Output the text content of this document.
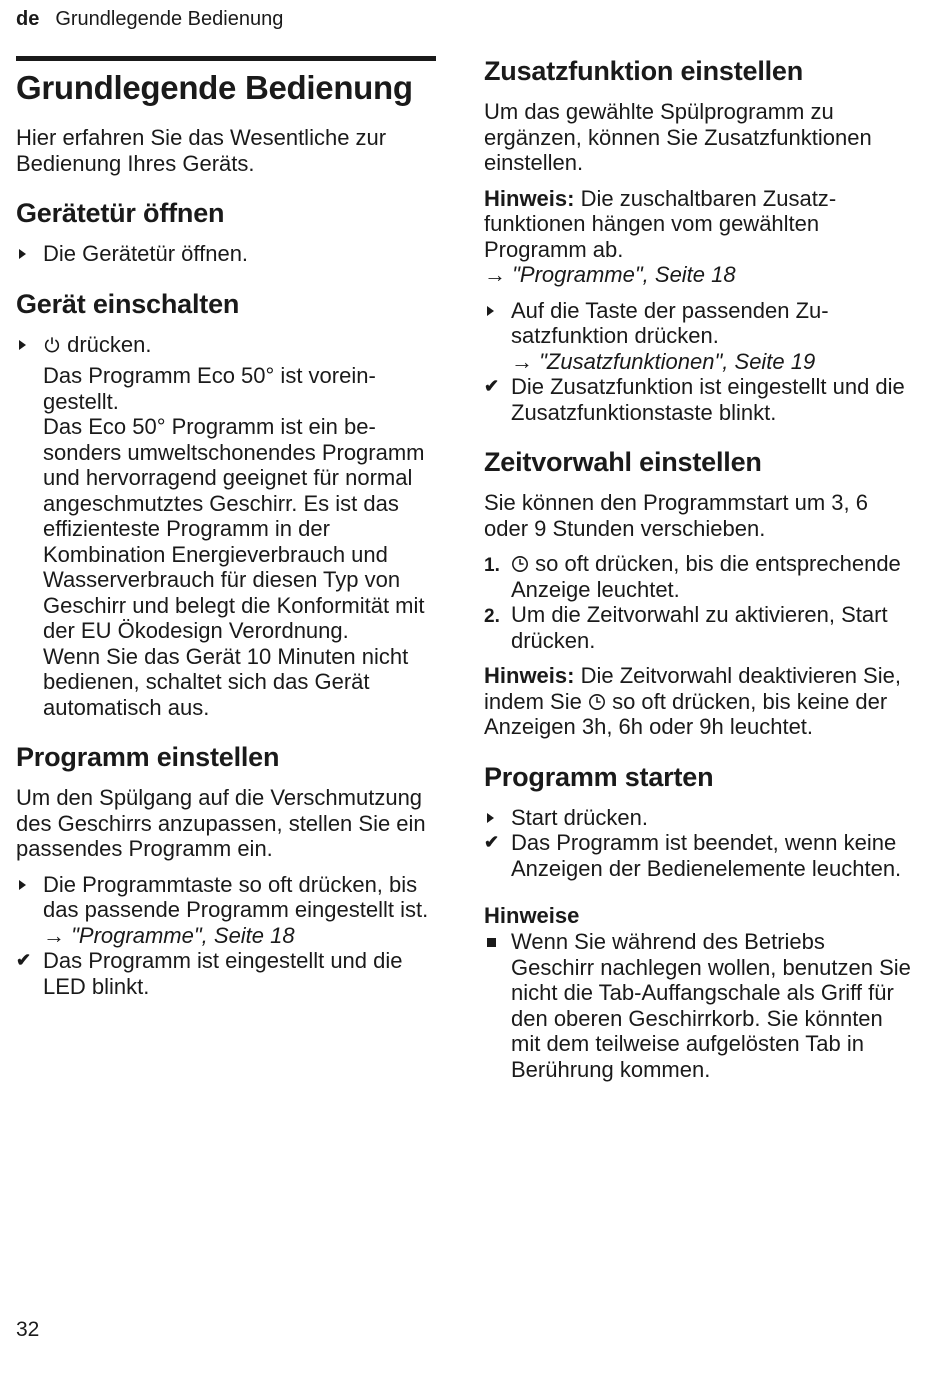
de Grundlegende Bedienung
Grundlegende Bedienung

Hier erfahren Sie das Wesentliche zur Bedienung Ihres Geräts.

Gerätetür öffnen
Die Gerätetür öffnen.
Gerät einschalten
drücken.

Das Programm Eco 50° ist voreingestellt.

Das Eco 50° Programm ist ein besonders umweltschonendes Programm und hervorragend geeignet für normal angeschmutztes Geschirr. Es ist das effizienteste Programm in der Kombination Energieverbrauch und Wasserverbrauch für diesen Typ von Geschirr und belegt die Konformität mit der EU Ökodesign Verordnung.

Wenn Sie das Gerät 10 Minuten nicht bedienen, schaltet sich das Gerät automatisch aus.

Programm einstellen

Um den Spülgang auf die Verschmutzung des Geschirrs anzupassen, stellen Sie ein passendes Programm ein.

Die Programmtaste so oft drücken, bis das passende Programm eingestellt ist.
→ "Programme", Seite 18
✔ Das Programm ist eingestellt und die LED blinkt.
Zusatzfunktion einstellen

Um das gewählte Spülprogramm zu ergänzen, können Sie Zusatzfunktionen einstellen.

Hinweis: Die zuschaltbaren Zusatzfunktionen hängen vom gewählten Programm ab.

→ "Programme", Seite 18

Auf die Taste der passenden Zusatzfunktion drücken.
→ "Zusatzfunktionen", Seite 19
✔ Die Zusatzfunktion ist eingestellt und die Zusatzfunktionstaste blinkt.
Zeitvorwahl einstellen

Sie können den Programmstart um 3, 6 oder 9 Stunden verschieben.

1.	so oft drücken, bis die entsprechende Anzeige leuchtet.
2. Um die Zeitvorwahl zu aktivieren, Start drücken.

Hinweis: Die Zeitvorwahl deaktivieren Sie, indem Sie  so oft drücken, bis keine der Anzeigen 3h, 6h oder 9h leuchtet.

Programm starten
Start drücken.
✔ Das Programm ist beendet, wenn keine Anzeigen der Bedienelemente leuchten.
Hinweise
Wenn Sie während des Betriebs Geschirr nachlegen wollen, benutzen Sie nicht die Tab-Auffangschale als Griff für den oberen Geschirrkorb. Sie könnten mit dem teilweise aufgelösten Tab in Berührung kommen.
32
